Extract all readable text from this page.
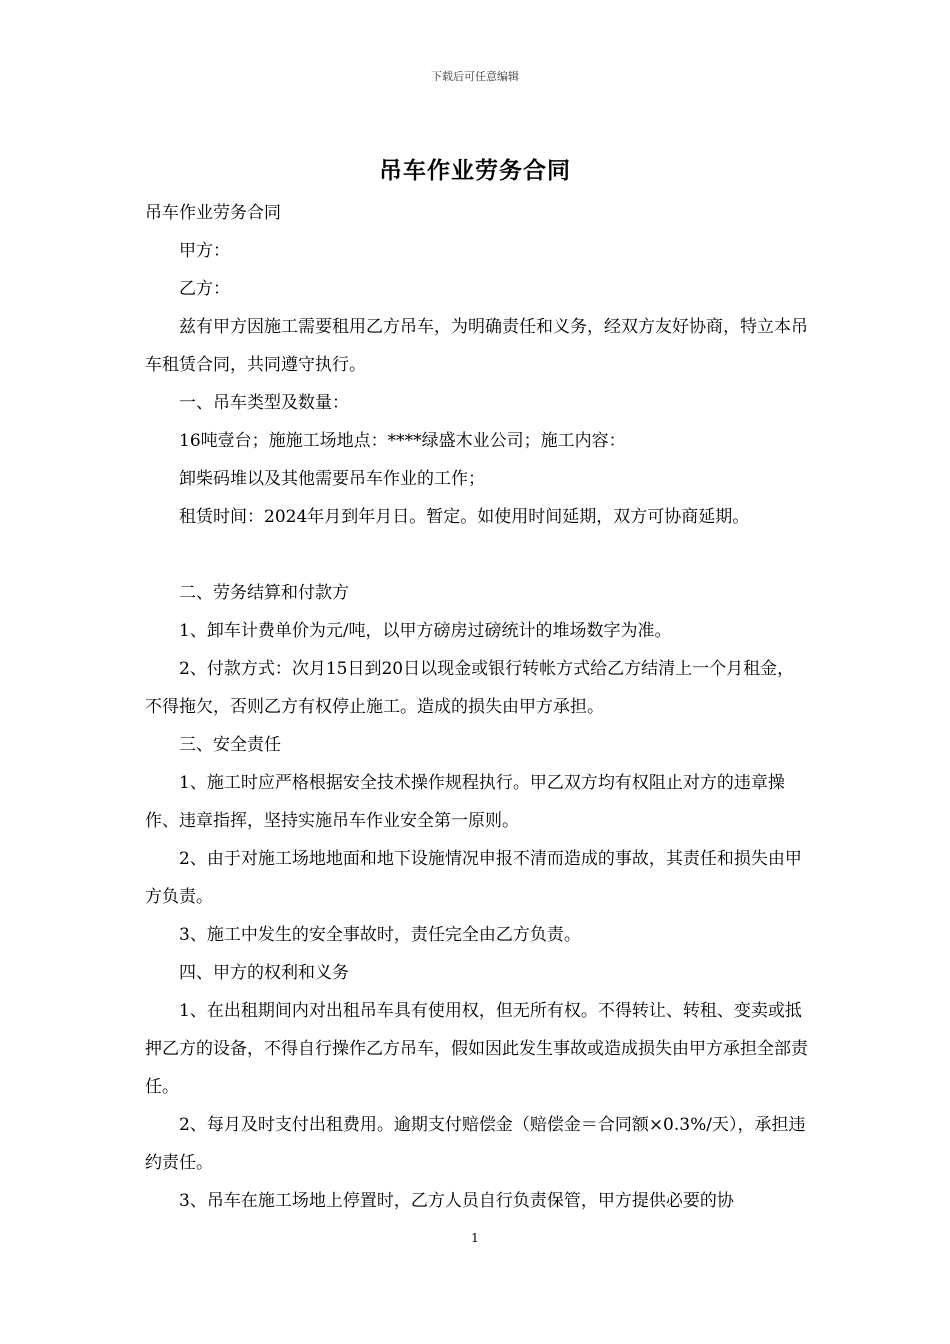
下载后可任意编辑
吊车作业劳务合同

吊车作业劳务合同

甲方：

乙方：

兹有甲方因施工需要租用乙方吊车，为明确责任和义务，经双方友好协商，特立本吊车租赁合同，共同遵守执行。

一、吊车类型及数量：

16吨壹台；施施工场地点：****绿盛木业公司；施工内容：

卸柴码堆以及其他需要吊车作业的工作；

租赁时间：2024年月到年月日。暂定。如使用时间延期，双方可协商延期。

二、劳务结算和付款方

1、卸车计费单价为元/吨，以甲方磅房过磅统计的堆场数字为准。

2、付款方式：次月15日到20日以现金或银行转帐方式给乙方结清上一个月租金，不得拖欠，否则乙方有权停止施工。造成的损失由甲方承担。

三、安全责任

1、施工时应严格根据安全技术操作规程执行。甲乙双方均有权阻止对方的违章操作、违章指挥，坚持实施吊车作业安全第一原则。

2、由于对施工场地地面和地下设施情况申报不清而造成的事故，其责任和损失由甲方负责。

3、施工中发生的安全事故时，责任完全由乙方负责。

四、甲方的权利和义务

1、在出租期间内对出租吊车具有使用权，但无所有权。不得转让、转租、变卖或抵押乙方的设备，不得自行操作乙方吊车，假如因此发生事故或造成损失由甲方承担全部责任。

2、每月及时支付出租费用。逾期支付赔偿金（赔偿金＝合同额×0.3%/天），承担违约责任。

3、吊车在施工场地上停置时，乙方人员自行负责保管，甲方提供必要的协

1
